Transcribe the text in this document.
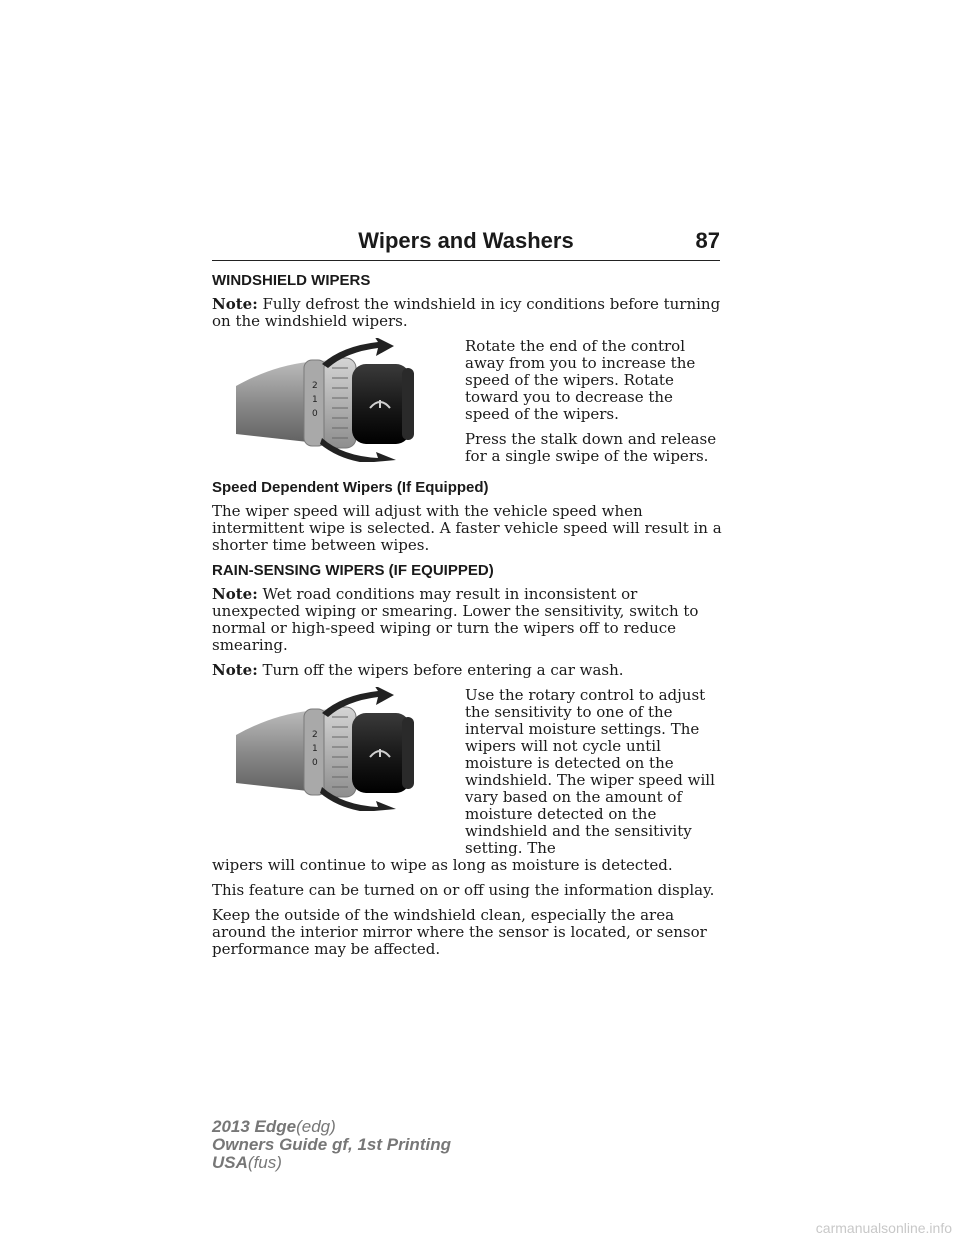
Wipers and Washers	87
WINDSHIELD WIPERS

Note: Fully defrost the windshield in icy conditions before turning on the windshield wipers.

2
1
0

Rotate the end of the control away from you to increase the speed of the wipers. Rotate toward you to decrease the speed of the wipers.

Press the stalk down and release for a single swipe of the wipers.

Speed Dependent Wipers (If Equipped)

The wiper speed will adjust with the vehicle speed when intermittent wipe is selected. A faster vehicle speed will result in a shorter time between wipes.

RAIN-SENSING WIPERS (IF EQUIPPED)

Note: Wet road conditions may result in inconsistent or unexpected wiping or smearing. Lower the sensitivity, switch to normal or high-speed wiping or turn the wipers off to reduce smearing.

Note: Turn off the wipers before entering a car wash.

2
1
0

Use the rotary control to adjust the sensitivity to one of the interval moisture settings. The wipers will not cycle until moisture is detected on the windshield. The wiper speed will vary based on the amount of moisture detected on the windshield and the sensitivity setting. The

wipers will continue to wipe as long as moisture is detected.

This feature can be turned on or off using the information display.

Keep the outside of the windshield clean, especially the area around the interior mirror where the sensor is located, or sensor performance may be affected.

2013 Edge(edg)
Owners Guide gf, 1st Printing
USA(fus)
carmanualsonline.info
